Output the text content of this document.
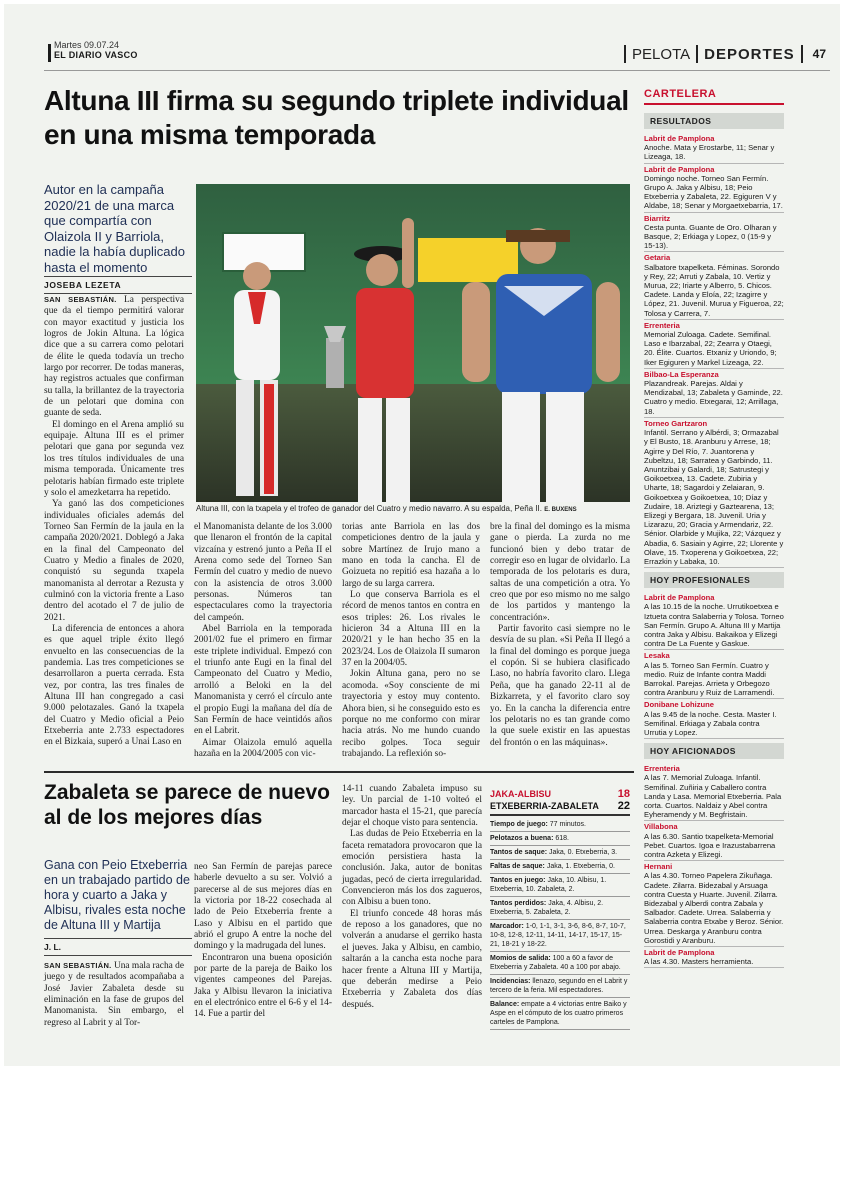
Martes 09.07.24
EL DIARIO VASCO	PELOTA DEPORTES 47
Altuna III firma su segundo triplete individual en una misma temporada
Autor en la campaña 2020/21 de una marca que compartía con Olaizola II y Barriola, nadie la había duplicado hasta el momento
JOSEBA LEZETA
Altuna III, con la txapela y el trofeo de ganador del Cuatro y medio navarro. A su espalda, Peña II. E. BUXENS

SAN SEBASTIÁN. La perspectiva que da el tiempo permitirá valorar con mayor exactitud y justicia los logros de Jokin Altuna. La lógica dice que a su carrera como pelotari de élite le queda todavía un trecho largo por recorrer. De todas maneras, hay registros actuales que confirman su talla, la brillantez de la trayectoria de un pelotari que domina con guante de seda.

El domingo en el Arena amplió su equipaje. Altuna III es el primer pelotari que gana por segunda vez los tres títulos individuales de una misma temporada. Únicamente tres pelotaris habían firmado este triplete y solo el amezketarra ha repetido.

Ya ganó las dos competiciones individuales oficiales además del Torneo San Fermín de la jaula en la campaña 2020/2021. Doblegó a Jaka en la final del Campeonato del Cuatro y Medio a finales de 2020, conquistó su segunda txapela manomanista al derrotar a Rezusta y culminó con la victoria frente a Laso dentro del acotado el 7 de julio de 2021.

La diferencia de entonces a ahora es que aquel triple éxito llegó envuelto en las consecuencias de la pandemia. Las tres competiciones se desarrollaron a puerta cerrada. Esta vez, por contra, las tres finales de Altuna III han congregado a casi 9.000 pelotazales. Ganó la txapela del Cuatro y Medio oficial a Peio Etxeberria ante 2.733 espectadores en el Bizkaia, superó a Unai Laso en

el Manomanista delante de los 3.000 que llenaron el frontón de la capital vizcaína y estrenó junto a Peña II el Arena como sede del Torneo San Fermín del cuatro y medio de nuevo con la asistencia de otros 3.000 personas. Números tan espectaculares como la trayectoria del campeón.

Abel Barriola en la temporada 2001/02 fue el primero en firmar este triplete individual. Empezó con el triunfo ante Eugi en la final del Campeonato del Cuatro y Medio, arrolló a Beloki en la del Manomanista y cerró el círculo ante el propio Eugi la mañana del día de San Fermín de hace veintidós años en el Labrit.

Aimar Olaizola emuló aquella hazaña en la 2004/2005 con vic-

torias ante Barriola en las dos competiciones dentro de la jaula y sobre Martínez de Irujo mano a mano en toda la cancha. El de Goizueta no repitió esa hazaña a lo largo de su larga carrera.

Lo que conserva Barriola es el récord de menos tantos en contra en esos triples: 26. Los rivales le hicieron 34 a Altuna III en la 2020/21 y le han hecho 35 en la 2023/24. Los de Olaizola II sumaron 37 en la 2004/05.

Jokin Altuna gana, pero no se acomoda. «Soy consciente de mi trayectoria y estoy muy contento. Ahora bien, si he conseguido esto es porque no me conformo con mirar hacia atrás. No me hundo cuando recibo golpes. Toca seguir trabajando. La reflexión so-

bre la final del domingo es la misma gane o pierda. La zurda no me funcionó bien y debo tratar de corregir eso en lugar de olvidarlo. La temporada de los pelotaris es dura, saltas de una competición a otra. Yo creo que por eso mismo no me salgo de los partidos y mantengo la concentración».

Partir favorito casi siempre no le desvía de su plan. «Si Peña II llegó a la final del domingo es porque juega el copón. Si se hubiera clasificado Laso, no habría favorito claro. Llega Peña, que ha ganado 22-11 al de Bizkarreta, y el favorito claro soy yo. En la cancha la diferencia entre los pelotaris no es tan grande como la que suele existir en las apuestas del frontón o en las máquinas».

Zabaleta se parece de nuevo al de los mejores días
Gana con Peio Etxeberria en un trabajado partido de hora y cuarto a Jaka y Albisu, rivales esta noche de Altuna III y Martija
J. L.

SAN SEBASTIÁN. Una mala racha de juego y de resultados acompañaba a José Javier Zabaleta desde su eliminación en la fase de grupos del Manomanista. Sin embargo, el regreso al Labrit y al Tor-

neo San Fermín de parejas parece haberle devuelto a su ser. Volvió a parecerse al de sus mejores días en la victoria por 18-22 cosechada al lado de Peio Etxeberria frente a Laso y Albisu en el partido que abrió el grupo A entre la noche del domingo y la madrugada del lunes.

Encontraron una buena oposición por parte de la pareja de Baiko los vigentes campeones del Parejas. Jaka y Albisu llevaron la iniciativa en el electrónico entre el 6-6 y el 14-14. Fue a partir del

14-11 cuando Zabaleta impuso su ley. Un parcial de 1-10 volteó el marcador hasta el 15-21, que parecía dejar el choque visto para sentencia.

Las dudas de Peio Etxeberria en la faceta rematadora provocaron que la emoción persistiera hasta la conclusión. Jaka, autor de bonitas jugadas, pecó de cierta irregularidad. Convencieron más los dos zagueros, con Albisu a buen tono.

El triunfo concede 48 horas más de reposo a los ganadores, que no volverán a anudarse el gerriko hasta el jueves. Jaka y Albisu, en cambio, saltarán a la cancha esta noche para hacer frente a Altuna III y Martija, que deberán medirse a Peio Etxeberria y Zabaleta dos días después.

JAKA-ALBISU	18
ETXEBERRIA-ZABALETA 22
Tiempo de juego: 77 minutos.
Pelotazos a buena: 618.
Tantos de saque: Jaka, 0. Etxeberria, 3.
Faltas de saque: Jaka, 1. Etxeberria, 0.
Tantos en juego: Jaka, 10. Albisu, 1. Etxeberria, 10. Zabaleta, 2.
Tantos perdidos: Jaka, 4. Albisu, 2. Etxeberria, 5. Zabaleta, 2.
Marcador: 1-0, 1-1, 3-1, 3-6, 8-6, 8-7, 10-7, 10-8, 12-8, 12-11, 14-11, 14-17, 15-17, 15-21, 18-21 y 18-22.
Momios de salida: 100 a 60 a favor de Etxeberria y Zabaleta. 40 a 100 por abajo.
Incidencias: llenazo, segundo en el Labrit y tercero de la feria. Mil espectadores.
Balance: empate a 4 victorias entre Baiko y Aspe en el cómputo de los cuatro primeros carteles de Pamplona.
CARTELERA
RESULTADOS
Labrit de Pamplona
Anoche. Mata y Erostarbe, 11; Senar y Lizeaga, 18.
Labrit de Pamplona
Domingo noche. Torneo San Fermín. Grupo A. Jaka y Albisu, 18; Peio Etxeberria y Zabaleta, 22. Egiguren V y Aldabe, 18; Senar y Morgaetxebarria, 17.
Biarritz
Cesta punta. Guante de Oro. Olharan y Basque, 2; Erkiaga y Lopez, 0 (15-9 y 15-13).
Getaria
Salbatore txapelketa. Féminas. Sorondo y Rey, 22; Arruti y Zabala, 10. Vertiz y Murua, 22; Iriarte y Alberro, 5. Chicos. Cadete. Landa y Eloía, 22; Izagirre y López, 21. Juvenil. Murua y Figueroa, 22; Tolosa y Carrera, 7.
Errenteria
Memorial Zuloaga. Cadete. Semifinal. Laso e Ibarzabal, 22; Zearra y Otaegi, 20. Élite. Cuartos. Etxaniz y Uriondo, 9; Iker Egiguren y Markel Lizeaga, 22.
Bilbao-La Esperanza
Plazandreak. Parejas. Aldai y Mendizabal, 13; Zabaleta y Gaminde, 22. Cuatro y medio. Etxegarai, 12; Arrillaga, 18.
Torneo Gartzaron
Infantil. Serrano y Albérdi, 3; Ormazabal y El Busto, 18. Aranburu y Arrese, 18; Agirre y Del Río, 7. Juantorena y Zubeltzu, 18; Sarratea y Garbindo, 11. Anuntzibai y Galardi, 18; Satrustegi y Goikoetxea, 13. Cadete. Zubiria y Uharte, 18; Sagardoi y Zelaiaran, 9. Goikoetxea y Goikoetxea, 10; Díaz y Zudaire, 18. Ariztegi y Gaztearena, 13; Elizegi y Bergara, 18. Juvenil. Uria y Lizarazu, 20; Gracia y Armendariz, 22. Sénior. Olarbide y Mujika, 22; Vázquez y Abadia, 6. Sasiain y Agirre, 22; Llorente y Olave, 15. Txoperena y Goikoetxea, 22; Errazkin y Labaka, 10.
HOY PROFESIONALES
Labrit de Pamplona
A las 10.15 de la noche. Urrutikoetxea e Iztueta contra Salaberria y Tolosa. Torneo San Fermín. Grupo A. Altuna III y Martija contra Jaka y Albisu. Bakaikoa y Elizegi contra De La Fuente y Gaskue.
Lesaka
A las 5. Torneo San Fermín. Cuatro y medio. Ruiz de Infante contra Maddi Barrokal. Parejas. Arrieta y Orbegozo contra Aranburu y Ruiz de Larramendi.
Donibane Lohizune
A las 9.45 de la noche. Cesta. Master I. Semifinal. Erkiaga y Zabala contra Urrutia y Lopez.
HOY AFICIONADOS
Errenteria
A las 7. Memorial Zuloaga. Infantil. Semifinal. Zuñiria y Caballero contra Landa y Lasa. Memorial Etxeberria. Pala corta. Cuartos. Naldaiz y Abel contra Eyheramendy y M. Begfristain.
Villabona
A las 6.30. Santio txapelketa-Memorial Pebet. Cuartos. Igoa e Irazustabarrena contra Azketa y Elizegi.
Hernani
A las 4.30. Torneo Papelera Zikuñaga. Cadete. Zilarra. Bidezabal y Arsuaga contra Cuesta y Huarte. Juvenil. Zilarra. Bidezabal y Alberdi contra Zabala y Salbador. Cadete. Urrea. Salaberria y Salaberria contra Etxabe y Beroz. Sénior. Urrea. Deskarga y Aranburu contra Gorostidi y Aranburu.
Labrit de Pamplona
A las 4.30. Masters herramienta.
